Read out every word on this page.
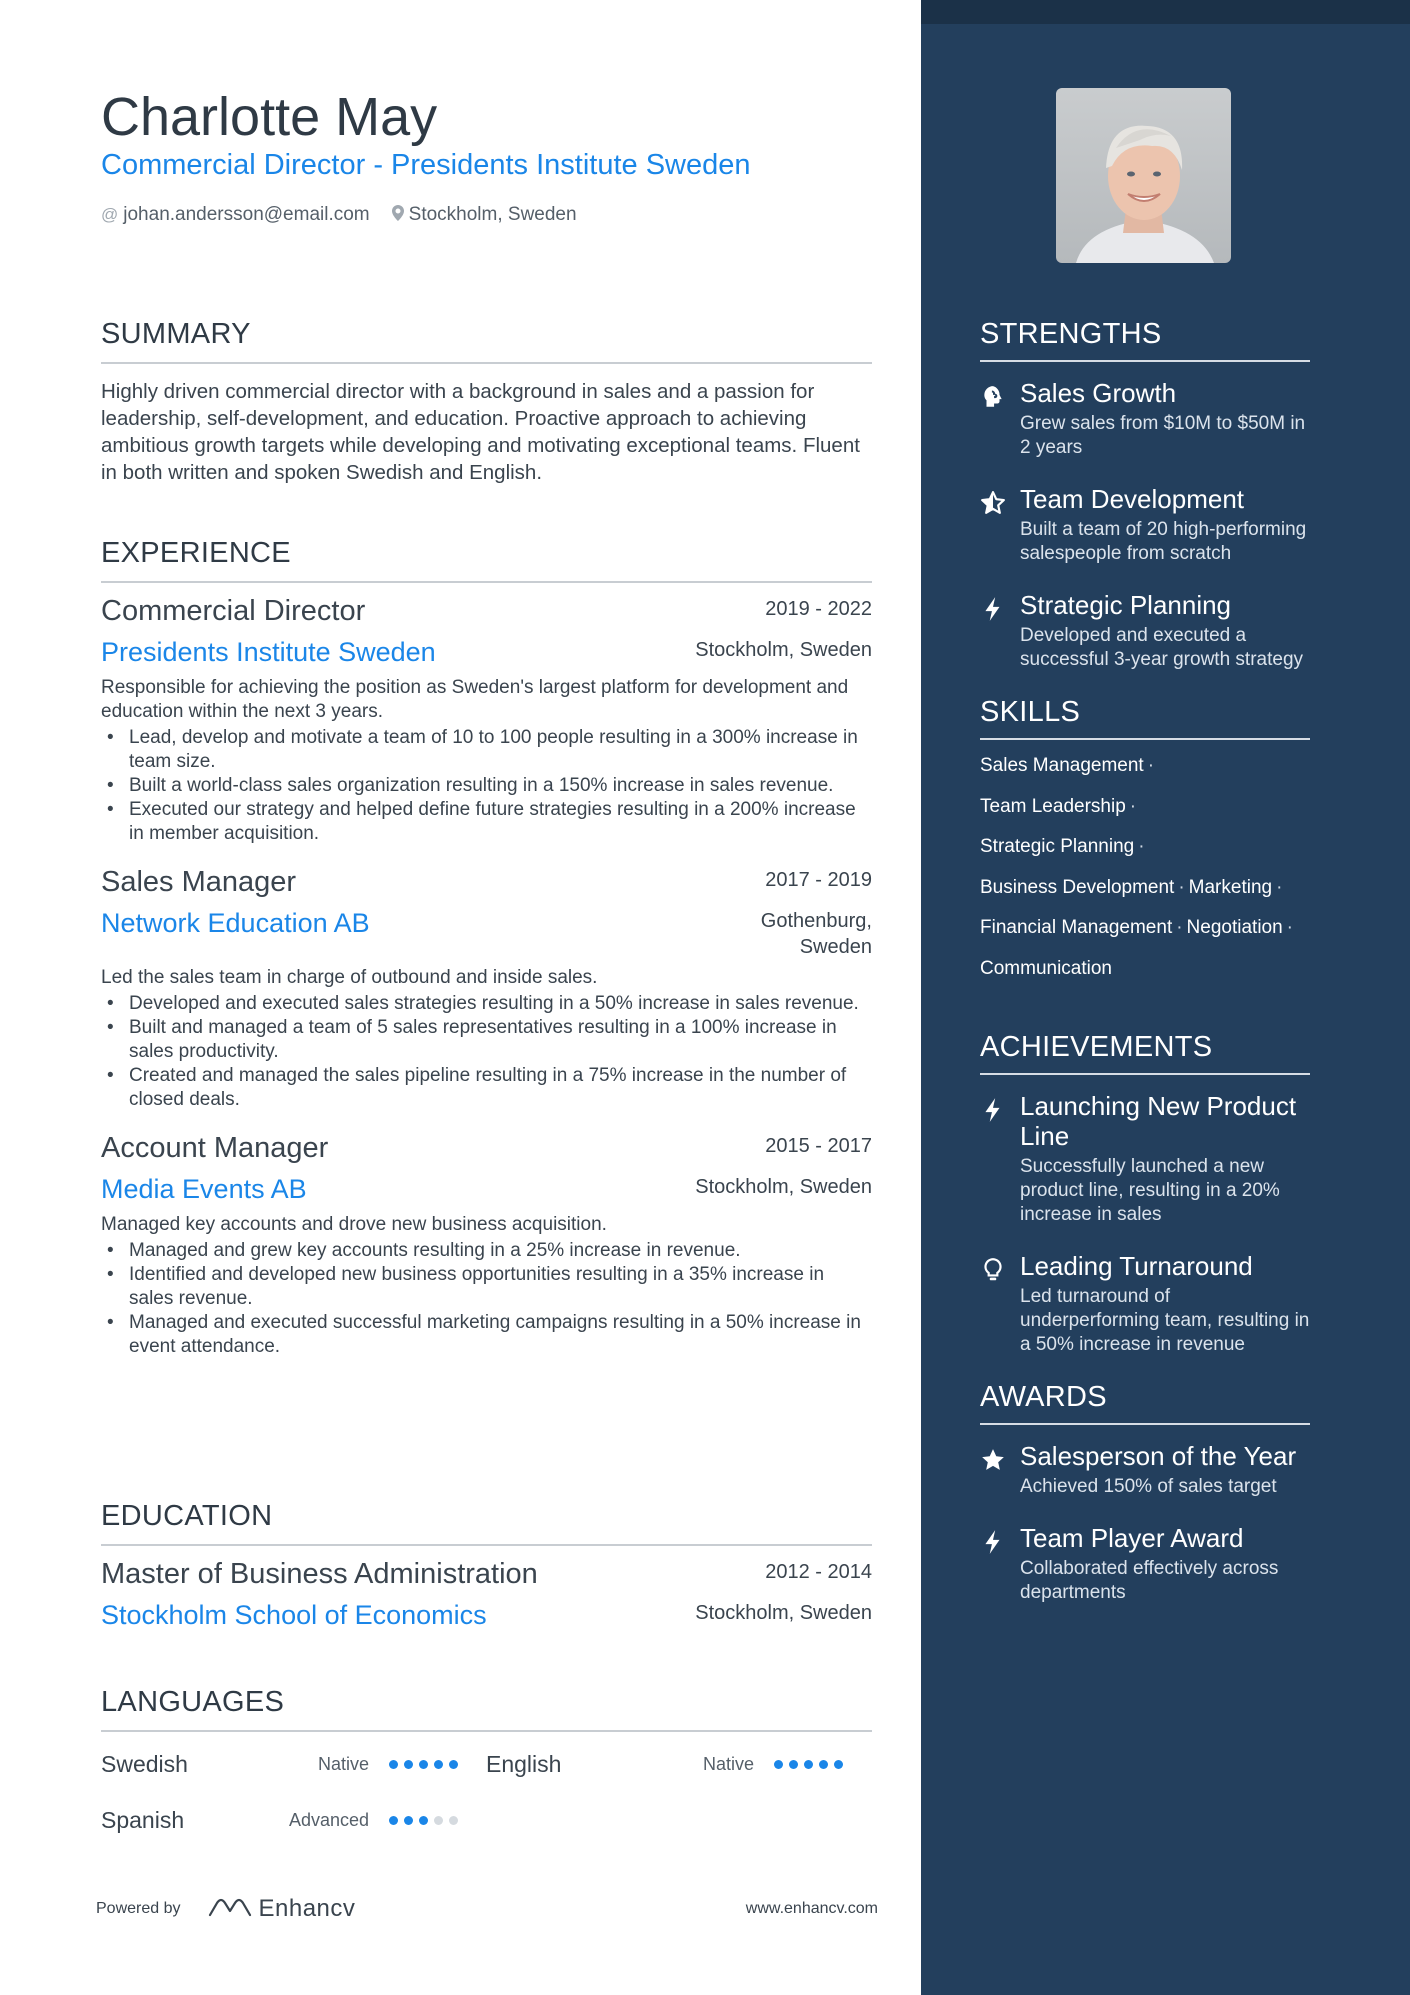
STRENGTHS
Sales Growth
Grew sales from $10M to $50M in 2 years
Team Development
Built a team of 20 high-performing salespeople from scratch
Strategic Planning
Developed and executed a successful 3-year growth strategy
SKILLS
Sales Management ·
Team Leadership ·
Strategic Planning ·
Business Development · Marketing ·
Financial Management · Negotiation ·
Communication
ACHIEVEMENTS
Launching New Product Line
Successfully launched a new product line, resulting in a 20% increase in sales
Leading Turnaround
Led turnaround of underperforming team, resulting in a 50% increase in revenue
AWARDS
Salesperson of the Year
Achieved 150% of sales target
Team Player Award
Collaborated effectively across departments
Charlotte May
Commercial Director - Presidents Institute Sweden
@ johan.andersson@email.com Stockholm, Sweden
SUMMARY
Highly driven commercial director with a background in sales and a passion for leadership, self-development, and education. Proactive approach to achieving ambitious growth targets while developing and motivating exceptional teams. Fluent in both written and spoken Swedish and English.
EXPERIENCE
Commercial Director	2019 - 2022
Presidents Institute Sweden	Stockholm, Sweden
Responsible for achieving the position as Sweden's largest platform for development and education within the next 3 years.
• Lead, develop and motivate a team of 10 to 100 people resulting in a 300% increase in team size.
• Built a world-class sales organization resulting in a 150% increase in sales revenue.
• Executed our strategy and helped define future strategies resulting in a 200% increase in member acquisition.
Sales Manager	2017 - 2019
Network Education AB	Gothenburg,
Sweden
Led the sales team in charge of outbound and inside sales.
• Developed and executed sales strategies resulting in a 50% increase in sales revenue.
• Built and managed a team of 5 sales representatives resulting in a 100% increase in sales productivity.
• Created and managed the sales pipeline resulting in a 75% increase in the number of closed deals.
Account Manager	2015 - 2017
Media Events AB	Stockholm, Sweden
Managed key accounts and drove new business acquisition.
• Managed and grew key accounts resulting in a 25% increase in revenue.
• Identified and developed new business opportunities resulting in a 35% increase in sales revenue.
• Managed and executed successful marketing campaigns resulting in a 50% increase in event attendance.
EDUCATION
Master of Business Administration	2012 - 2014
Stockholm School of Economics	Stockholm, Sweden
LANGUAGES
Swedish	Native	English	Native
Spanish	Advanced
Powered by	Enhancv	www.enhancv.com
